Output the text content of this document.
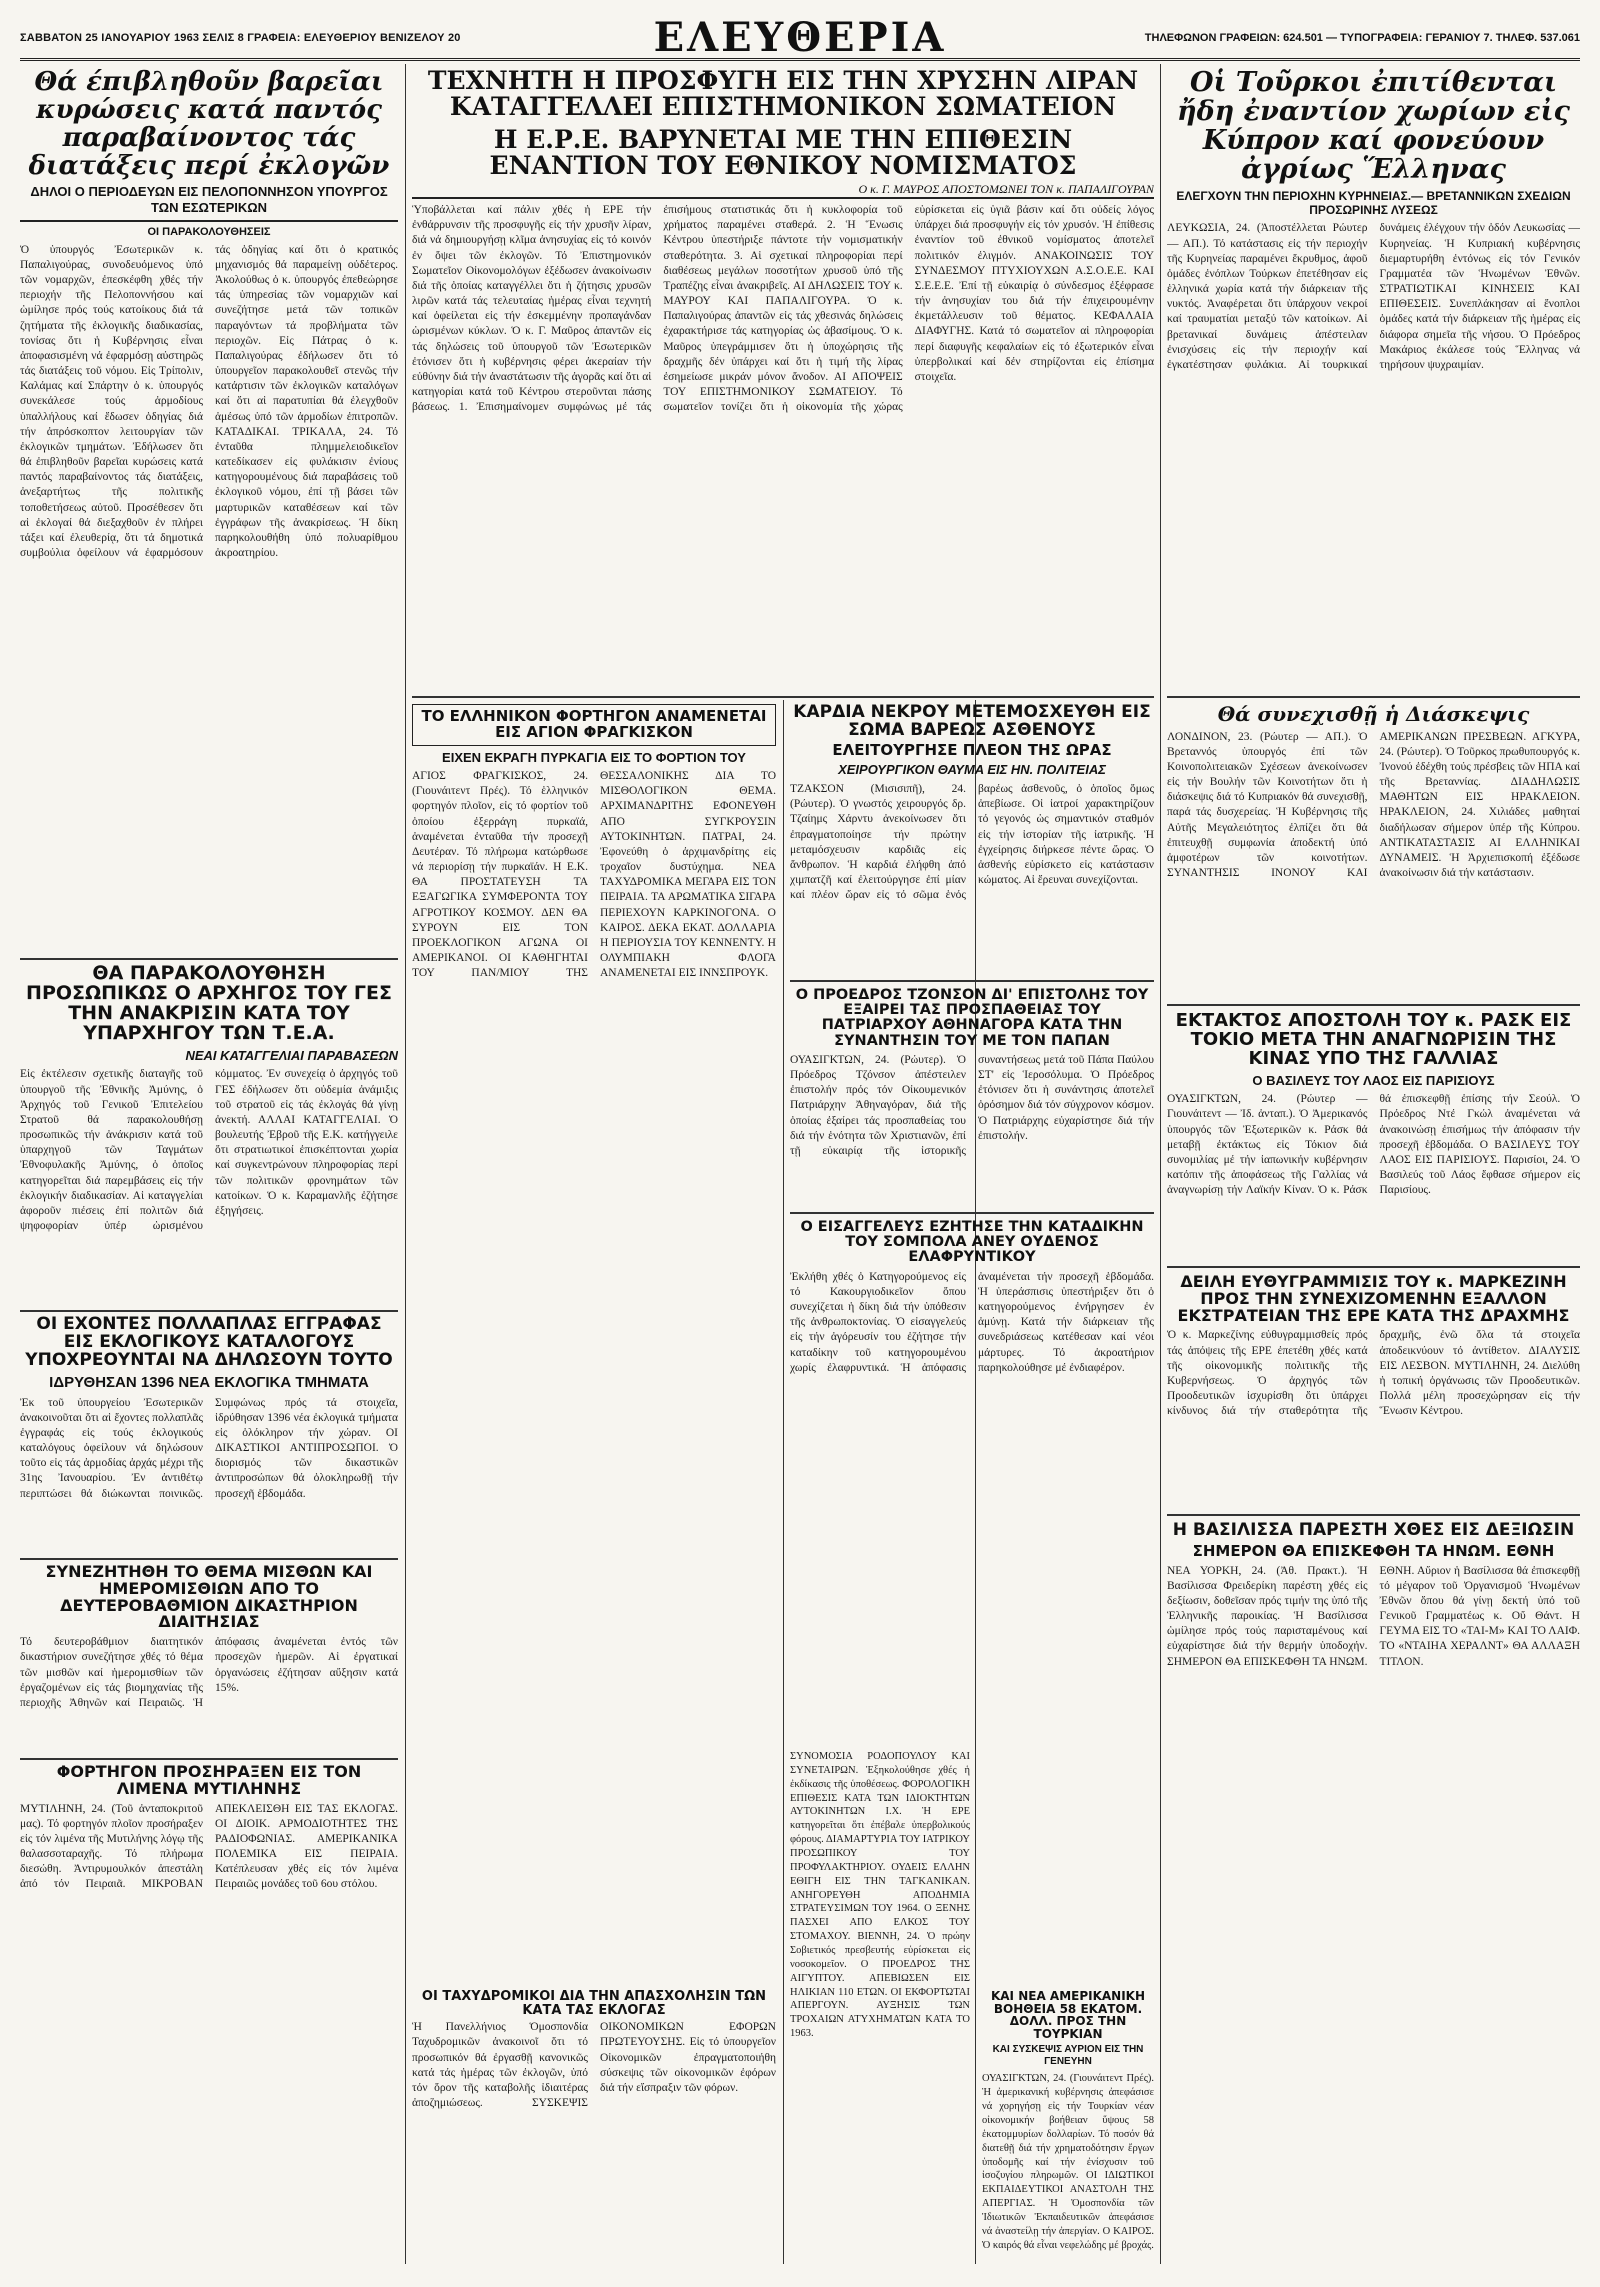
ΣΑΒΒΑΤΟΝ 25 ΙΑΝΟΥΑΡΙΟΥ 1963 ΣΕΛΙΣ 8 ΓΡΑΦΕΙΑ: ΕΛΕΥΘΕΡΙΟΥ ΒΕΝΙΖΕΛΟΥ 20	ΕΛΕΥΘΕΡΙΑ	ΤΗΛΕΦΩΝΟΝ ΓΡΑΦΕΙΩΝ: 624.501 — ΤΥΠΟΓΡΑΦΕΙΑ: ΓΕΡΑΝΙΟΥ 7. ΤΗΛΕΦ. 537.061
Θά έπιβληθοῦν βαρεῖαι κυρώσεις κατά παντός παραβαίνοντος τάς διατάξεις περί ἐκλογῶν
ΔΗΛΟΙ Ο ΠΕΡΙΟΔΕΥΩΝ ΕΙΣ ΠΕΛΟΠΟΝΝΗΣΟΝ ΥΠΟΥΡΓΟΣ ΤΩΝ ΕΣΩΤΕΡΙΚΩΝ
ΟΙ ΠΑΡΑΚΟΛΟΥΘΗΣΕΙΣ

Ὁ ὑπουργός Ἐσωτερικῶν κ. Παπαλιγούρας, συνοδευόμενος ὑπό τῶν νομαρχῶν, ἐπεσκέφθη χθές τήν περιοχήν τῆς Πελοποννήσου καί ὡμίλησε πρός τούς κατοίκους διά τά ζητήματα τῆς ἐκλογικῆς διαδικασίας, τονίσας ὅτι ἡ Κυβέρνησις εἶναι ἀποφασισμένη νά ἐφαρμόσῃ αὐστηρῶς τάς διατάξεις τοῦ νόμου. Εἰς Τρίπολιν, Καλάμας καί Σπάρτην ὁ κ. ὑπουργός συνεκάλεσε τούς ἀρμοδίους ὑπαλλήλους καί ἔδωσεν ὁδηγίας διά τήν ἀπρόσκοπτον λειτουργίαν τῶν ἐκλογικῶν τμημάτων. Ἐδήλωσεν ὅτι θά ἐπιβληθοῦν βαρεῖαι κυρώσεις κατά παντός παραβαίνοντος τάς διατάξεις, ἀνεξαρτήτως τῆς πολιτικῆς τοποθετήσεως αὐτοῦ. Προσέθεσεν ὅτι αἱ ἐκλογαί θά διεξαχθοῦν ἐν πλήρει τάξει καί ἐλευθερίᾳ, ὅτι τά δημοτικά συμβούλια ὀφείλουν νά ἐφαρμόσουν τάς ὁδηγίας καί ὅτι ὁ κρατικός μηχανισμός θά παραμείνῃ οὐδέτερος. Ἀκολούθως ὁ κ. ὑπουργός ἐπεθεώρησε τάς ὑπηρεσίας τῶν νομαρχιῶν καί συνεζήτησε μετά τῶν τοπικῶν παραγόντων τά προβλήματα τῶν περιοχῶν. Εἰς Πάτρας ὁ κ. Παπαλιγούρας ἐδήλωσεν ὅτι τό ὑπουργεῖον παρακολουθεῖ στενῶς τήν κατάρτισιν τῶν ἐκλογικῶν καταλόγων καί ὅτι αἱ παρατυπίαι θά ἐλεγχθοῦν ἀμέσως ὑπό τῶν ἀρμοδίων ἐπιτροπῶν. ΚΑΤΑΔΙΚΑΙ. ΤΡΙΚΑΛΑ, 24. Τό ἐνταῦθα πλημμελειοδικεῖον κατεδίκασεν εἰς φυλάκισιν ἐνίους κατηγορουμένους διά παραβάσεις τοῦ ἐκλογικοῦ νόμου, ἐπί τῇ βάσει τῶν μαρτυρικῶν καταθέσεων καί τῶν ἐγγράφων τῆς ἀνακρίσεως. Ἡ δίκη παρηκολουθήθη ὑπό πολυαρίθμου ἀκροατηρίου.

ΘΑ ΠΑΡΑΚΟΛΟΥΘΗΣΗ ΠΡΟΣΩΠΙΚΩΣ Ο ΑΡΧΗΓΟΣ ΤΟΥ ΓΕΣ ΤΗΝ ΑΝΑΚΡΙΣΙΝ ΚΑΤΑ ΤΟΥ ΥΠΑΡΧΗΓΟΥ ΤΩΝ Τ.Ε.Α.
ΝΕΑΙ ΚΑΤΑΓΓΕΛΙΑΙ ΠΑΡΑΒΑΣΕΩΝ

Εἰς ἐκτέλεσιν σχετικῆς διαταγῆς τοῦ ὑπουργοῦ τῆς Ἐθνικῆς Ἀμύνης, ὁ Ἀρχηγός τοῦ Γενικοῦ Ἐπιτελείου Στρατοῦ θά παρακολουθήσῃ προσωπικῶς τήν ἀνάκρισιν κατά τοῦ ὑπαρχηγοῦ τῶν Ταγμάτων Ἐθνοφυλακῆς Ἀμύνης, ὁ ὁποῖος κατηγορεῖται διά παρεμβάσεις εἰς τήν ἐκλογικήν διαδικασίαν. Αἱ καταγγελίαι ἀφοροῦν πιέσεις ἐπί πολιτῶν διά ψηφοφορίαν ὑπέρ ὡρισμένου κόμματος. Ἐν συνεχείᾳ ὁ ἀρχηγός τοῦ ΓΕΣ ἐδήλωσεν ὅτι οὐδεμία ἀνάμιξις τοῦ στρατοῦ εἰς τάς ἐκλογάς θά γίνῃ ἀνεκτή. ΑΛΛΑΙ ΚΑΤΑΓΓΕΛΙΑΙ. Ὁ βουλευτής Ἐβροῦ τῆς Ε.Κ. κατήγγειλε ὅτι στρατιωτικοί ἐπισκέπτονται χωρία καί συγκεντρώνουν πληροφορίας περί τῶν πολιτικῶν φρονημάτων τῶν κατοίκων. Ὁ κ. Καραμανλῆς ἐζήτησε ἐξηγήσεις.

ΟΙ ΕΧΟΝΤΕΣ ΠΟΛΛΑΠΛΑΣ ΕΓΓΡΑΦΑΣ ΕΙΣ ΕΚΛΟΓΙΚΟΥΣ ΚΑΤΑΛΟΓΟΥΣ ΥΠΟΧΡΕΟΥΝΤΑΙ ΝΑ ΔΗΛΩΣΟΥΝ ΤΟΥΤΟ
ΙΔΡΥΘΗΣΑΝ 1396 ΝΕΑ ΕΚΛΟΓΙΚΑ ΤΜΗΜΑΤΑ

Ἐκ τοῦ ὑπουργείου Ἐσωτερικῶν ἀνακοινοῦται ὅτι αἱ ἔχοντες πολλαπλᾶς ἐγγραφάς εἰς τούς ἐκλογικούς καταλόγους ὀφείλουν νά δηλώσουν τοῦτο εἰς τάς ἁρμοδίας ἀρχάς μέχρι τῆς 31ης Ἰανουαρίου. Ἐν ἀντιθέτῳ περιπτώσει θά διώκωνται ποινικῶς. Συμφώνως πρός τά στοιχεῖα, ἱδρύθησαν 1396 νέα ἐκλογικά τμήματα εἰς ὁλόκληρον τήν χώραν. ΟΙ ΔΙΚΑΣΤΙΚΟΙ ΑΝΤΙΠΡΟΣΩΠΟΙ. Ὁ διορισμός τῶν δικαστικῶν ἀντιπροσώπων θά ὁλοκληρωθῇ τήν προσεχῆ ἑβδομάδα.

ΣΥΝΕΖΗΤΗΘΗ ΤΟ ΘΕΜΑ ΜΙΣΘΩΝ ΚΑΙ ΗΜΕΡΟΜΙΣΘΙΩΝ ΑΠΟ ΤΟ ΔΕΥΤΕΡΟΒΑΘΜΙΟΝ ΔΙΚΑΣΤΗΡΙΟΝ ΔΙΑΙΤΗΣΙΑΣ

Τό δευτεροβάθμιον διαιτητικόν δικαστήριον συνεζήτησε χθές τό θέμα τῶν μισθῶν καί ἡμερομισθίων τῶν ἐργαζομένων εἰς τάς βιομηχανίας τῆς περιοχῆς Ἀθηνῶν καί Πειραιῶς. Ἡ ἀπόφασις ἀναμένεται ἐντός τῶν προσεχῶν ἡμερῶν. Αἱ ἐργατικαί ὀργανώσεις ἐζήτησαν αὔξησιν κατά 15%.

ΦΟΡΤΗΓΟΝ ΠΡΟΣΗΡΑΞΕΝ ΕΙΣ ΤΟΝ ΛΙΜΕΝΑ ΜΥΤΙΛΗΝΗΣ

ΜΥΤΙΛΗΝΗ, 24. (Τοῦ ἀνταποκριτοῦ μας). Τό φορτηγόν πλοῖον προσήραξεν εἰς τόν λιμένα τῆς Μυτιλήνης λόγῳ τῆς θαλασσοταραχῆς. Τό πλήρωμα διεσώθη. Ἀντιρυμουλκόν ἀπεστάλη ἀπό τόν Πειραιᾶ. ΜΙΚΡΟΒΑΝ ΑΠΕΚΛΕΙΣΘΗ ΕΙΣ ΤΑΣ ΕΚΛΟΓΑΣ. ΟΙ ΔΙΟΙΚ. ΑΡΜΟΔΙΟΤΗΤΕΣ ΤΗΣ ΡΑΔΙΟΦΩΝΙΑΣ. ΑΜΕΡΙΚΑΝΙΚΑ ΠΟΛΕΜΙΚΑ ΕΙΣ ΠΕΙΡΑΙΑ. Κατέπλευσαν χθές εἰς τόν λιμένα Πειραιῶς μονάδες τοῦ 6ου στόλου.

ΤΕΧΝΗΤΗ Η ΠΡΟΣΦΥΓΗ ΕΙΣ ΤΗΝ ΧΡΥΣΗΝ ΛΙΡΑΝ ΚΑΤΑΓΓΕΛΛΕΙ ΕΠΙΣΤΗΜΟΝΙΚΟΝ ΣΩΜΑΤΕΙΟΝ
Η Ε.Ρ.Ε. ΒΑΡΥΝΕΤΑΙ ΜΕ ΤΗΝ ΕΠΙΘΕΣΙΝ ΕΝΑΝΤΙΟΝ ΤΟΥ ΕΘΝΙΚΟΥ ΝΟΜΙΣΜΑΤΟΣ
Ο κ. Γ. ΜΑΥΡΟΣ ΑΠΟΣΤΟΜΩΝΕΙ ΤΟΝ κ. ΠΑΠΑΛΙΓΟΥΡΑΝ

Ὑποβάλλεται καί πάλιν χθές ἡ ΕΡΕ τήν ἐνθάρρυνσιν τῆς προσφυγῆς εἰς τήν χρυσῆν λίραν, διά νά δημιουργήσῃ κλῖμα ἀνησυχίας εἰς τό κοινόν ἐν ὄψει τῶν ἐκλογῶν. Τό Ἐπιστημονικόν Σωματεῖον Οἰκονομολόγων ἐξέδωσεν ἀνακοίνωσιν διά τῆς ὁποίας καταγγέλλει ὅτι ἡ ζήτησις χρυσῶν λιρῶν κατά τάς τελευταίας ἡμέρας εἶναι τεχνητή καί ὀφείλεται εἰς τήν ἐσκεμμένην προπαγάνδαν ὡρισμένων κύκλων. Ὁ κ. Γ. Μαῦρος ἀπαντῶν εἰς τάς δηλώσεις τοῦ ὑπουργοῦ τῶν Ἐσωτερικῶν ἐτόνισεν ὅτι ἡ κυβέρνησις φέρει ἀκεραίαν τήν εὐθύνην διά τήν ἀναστάτωσιν τῆς ἀγορᾶς καί ὅτι αἱ κατηγορίαι κατά τοῦ Κέντρου στεροῦνται πάσης βάσεως. 1. Ἐπισημαίνομεν συμφώνως μέ τάς ἐπισήμους στατιστικάς ὅτι ἡ κυκλοφορία τοῦ χρήματος παραμένει σταθερά. 2. Ἡ Ἕνωσις Κέντρου ὑπεστήριξε πάντοτε τήν νομισματικήν σταθερότητα. 3. Αἱ σχετικαί πληροφορίαι περί διαθέσεως μεγάλων ποσοτήτων χρυσοῦ ὑπό τῆς Τραπέζης εἶναι ἀνακριβεῖς. ΑΙ ΔΗΛΩΣΕΙΣ ΤΟΥ κ. ΜΑΥΡΟΥ ΚΑΙ ΠΑΠΑΛΙΓΟΥΡΑ. Ὁ κ. Παπαλιγούρας ἀπαντῶν εἰς τάς χθεσινάς δηλώσεις ἐχαρακτήρισε τάς κατηγορίας ὡς ἀβασίμους. Ὁ κ. Μαῦρος ὑπεγράμμισεν ὅτι ἡ ὑποχώρησις τῆς δραχμῆς δέν ὑπάρχει καί ὅτι ἡ τιμή τῆς λίρας ἐσημείωσε μικράν μόνον ἄνοδον. ΑΙ ΑΠΟΨΕΙΣ ΤΟΥ ΕΠΙΣΤΗΜΟΝΙΚΟΥ ΣΩΜΑΤΕΙΟΥ. Τό σωματεῖον τονίζει ὅτι ἡ οἰκονομία τῆς χώρας εὑρίσκεται εἰς ὑγιᾶ βάσιν καί ὅτι οὐδείς λόγος ὑπάρχει διά προσφυγήν εἰς τόν χρυσόν. Ἡ ἐπίθεσις ἐναντίον τοῦ ἐθνικοῦ νομίσματος ἀποτελεῖ πολιτικόν ἐλιγμόν. ΑΝΑΚΟΙΝΩΣΙΣ ΤΟΥ ΣΥΝΔΕΣΜΟΥ ΠΤΥΧΙΟΥΧΩΝ Α.Σ.Ο.Ε.Ε. ΚΑΙ Σ.Ε.Ε.Ε. Ἐπί τῇ εὐκαιρίᾳ ὁ σύνδεσμος ἐξέφρασε τήν ἀνησυχίαν του διά τήν ἐπιχειρουμένην ἐκμετάλλευσιν τοῦ θέματος. ΚΕΦΑΛΑΙΑ ΔΙΑΦΥΓΗΣ. Κατά τό σωματεῖον αἱ πληροφορίαι περί διαφυγῆς κεφαλαίων εἰς τό ἐξωτερικόν εἶναι ὑπερβολικαί καί δέν στηρίζονται εἰς ἐπίσημα στοιχεῖα.

ΤΟ ΕΛΛΗΝΙΚΟΝ ΦΟΡΤΗΓΟΝ ΑΝΑΜΕΝΕΤΑΙ ΕΙΣ ΑΓΙΟΝ ΦΡΑΓΚΙΣΚΟΝ
ΕΙΧΕΝ ΕΚΡΑΓΗ ΠΥΡΚΑΓΙΑ ΕΙΣ ΤΟ ΦΟΡΤΙΟΝ ΤΟΥ

ΑΓΙΟΣ ΦΡΑΓΚΙΣΚΟΣ, 24. (Γιουνάιτεντ Πρές). Τό ἑλληνικόν φορτηγόν πλοῖον, εἰς τό φορτίον τοῦ ὁποίου ἐξερράγη πυρκαϊά, ἀναμένεται ἐνταῦθα τήν προσεχῆ Δευτέραν. Τό πλήρωμα κατώρθωσε νά περιορίσῃ τήν πυρκαϊάν. Η Ε.Κ. ΘΑ ΠΡΟΣΤΑΤΕΥΣΗ ΤΑ ΕΞΑΓΩΓΙΚΑ ΣΥΜΦΕΡΟΝΤΑ ΤΟΥ ΑΓΡΟΤΙΚΟΥ ΚΟΣΜΟΥ. ΔΕΝ ΘΑ ΣΥΡΟΥΝ ΕΙΣ ΤΟΝ ΠΡΟΕΚΛΟΓΙΚΟΝ ΑΓΩΝΑ ΟΙ ΑΜΕΡΙΚΑΝΟΙ. ΟΙ ΚΑΘΗΓΗΤΑΙ ΤΟΥ ΠΑΝ/ΜΙΟΥ ΤΗΣ ΘΕΣΣΑΛΟΝΙΚΗΣ ΔΙΑ ΤΟ ΜΙΣΘΟΛΟΓΙΚΟΝ ΘΕΜΑ. ΑΡΧΙΜΑΝΔΡΙΤΗΣ ΕΦΟΝΕΥΘΗ ΑΠΟ ΣΥΓΚΡΟΥΣΙΝ ΑΥΤΟΚΙΝΗΤΩΝ. ΠΑΤΡΑΙ, 24. Ἐφονεύθη ὁ ἀρχιμανδρίτης εἰς τροχαῖον δυστύχημα. ΝΕΑ ΤΑΧΥΔΡΟΜΙΚΑ ΜΕΓΑΡΑ ΕΙΣ ΤΟΝ ΠΕΙΡΑΙΑ. ΤΑ ΑΡΩΜΑΤΙΚΑ ΣΙΓΑΡΑ ΠΕΡΙΕΧΟΥΝ ΚΑΡΚΙΝΟΓΟΝΑ. Ο ΚΑΙΡΟΣ. ΔΕΚΑ ΕΚΑΤ. ΔΟΛΛΑΡΙΑ Η ΠΕΡΙΟΥΣΙΑ ΤΟΥ ΚΕΝΝΕΝΤΥ. Η ΟΛΥΜΠΙΑΚΗ ΦΛΟΓΑ ΑΝΑΜΕΝΕΤΑΙ ΕΙΣ ΙΝΝΣΠΡΟΥΚ.

ΚΑΡΔΙΑ ΝΕΚΡΟΥ ΜΕΤΕΜΟΣΧΕΥΘΗ ΕΙΣ ΣΩΜΑ ΒΑΡΕΩΣ ΑΣΘΕΝΟΥΣ
ΕΛΕΙΤΟΥΡΓΗΣΕ ΠΛΕΟΝ ΤΗΣ ΩΡΑΣ
ΧΕΙΡΟΥΡΓΙΚΟΝ ΘΑΥΜΑ ΕΙΣ ΗΝ. ΠΟΛΙΤΕΙΑΣ

ΤΖΑΚΣΟΝ (Μισισιπῆ), 24. (Ρώυτερ). Ὁ γνωστός χειρουργός δρ. Τζαίημς Χάρντυ ἀνεκοίνωσεν ὅτι ἐπραγματοποίησε τήν πρώτην μεταμόσχευσιν καρδιᾶς εἰς ἄνθρωπον. Ἡ καρδιά ἐλήφθη ἀπό χιμπατζῆ καί ἐλειτούργησε ἐπί μίαν καί πλέον ὥραν εἰς τό σῶμα ἑνός βαρέως ἀσθενοῦς, ὁ ὁποῖος ὅμως ἀπεβίωσε. Οἱ ἰατροί χαρακτηρίζουν τό γεγονός ὡς σημαντικόν σταθμόν εἰς τήν ἱστορίαν τῆς ἰατρικῆς. Ἡ ἐγχείρησις διήρκεσε πέντε ὥρας. Ὁ ἀσθενής εὑρίσκετο εἰς κατάστασιν κώματος. Αἱ ἔρευναι συνεχίζονται.

Ο ΠΡΟΕΔΡΟΣ ΤΖΟΝΣΟΝ ΔΙ' ΕΠΙΣΤΟΛΗΣ ΤΟΥ ΕΞΑΙΡΕΙ ΤΑΣ ΠΡΟΣΠΑΘΕΙΑΣ ΤΟΥ ΠΑΤΡΙΑΡΧΟΥ ΑΘΗΝΑΓΟΡΑ ΚΑΤΑ ΤΗΝ ΣΥΝΑΝΤΗΣΙΝ ΤΟΥ ΜΕ ΤΟΝ ΠΑΠΑΝ

ΟΥΑΣΙΓΚΤΩΝ, 24. (Ρώυτερ). Ὁ Πρόεδρος Τζόνσον ἀπέστειλεν ἐπιστολήν πρός τόν Οἰκουμενικόν Πατριάρχην Ἀθηναγόραν, διά τῆς ὁποίας ἐξαίρει τάς προσπαθείας του διά τήν ἑνότητα τῶν Χριστιανῶν, ἐπί τῇ εὐκαιρίᾳ τῆς ἱστορικῆς συναντήσεως μετά τοῦ Πάπα Παύλου ΣΤ' εἰς Ἱεροσόλυμα. Ὁ Πρόεδρος ἐτόνισεν ὅτι ἡ συνάντησις ἀποτελεῖ ὁρόσημον διά τόν σύγχρονον κόσμον. Ὁ Πατριάρχης εὐχαρίστησε διά τήν ἐπιστολήν.

Ο ΕΙΣΑΓΓΕΛΕΥΣ ΕΖΗΤΗΣΕ ΤΗΝ ΚΑΤΑΔΙΚΗΝ ΤΟΥ ΣΟΜΠΟΛΑ ΑΝΕΥ ΟΥΔΕΝΟΣ ΕΛΑΦΡΥΝΤΙΚΟΥ

Ἐκλήθη χθές ὁ Κατηγορούμενος εἰς τό Κακουργιοδικεῖον ὅπου συνεχίζεται ἡ δίκη διά τήν ὑπόθεσιν τῆς ἀνθρωποκτονίας. Ὁ εἰσαγγελεύς εἰς τήν ἀγόρευσίν του ἐζήτησε τήν καταδίκην τοῦ κατηγορουμένου χωρίς ἐλαφρυντικά. Ἡ ἀπόφασις ἀναμένεται τήν προσεχῆ ἑβδομάδα. Ἡ ὑπεράσπισις ὑπεστήριξεν ὅτι ὁ κατηγορούμενος ἐνήργησεν ἐν ἀμύνῃ. Κατά τήν διάρκειαν τῆς συνεδριάσεως κατέθεσαν καί νέοι μάρτυρες. Τό ἀκροατήριον παρηκολούθησε μέ ἐνδιαφέρον.

Οἱ Τοῦρκοι ἐπιτίθενται ἤδη ἐναντίον χωρίων εἰς Κύπρον καί φονεύουν ἀγρίως Ἕλληνας
ΕΛΕΓΧΟΥΝ ΤΗΝ ΠΕΡΙΟΧΗΝ ΚΥΡΗΝΕΙΑΣ.— ΒΡΕΤΑΝΝΙΚΩΝ ΣΧΕΔΙΩΝ ΠΡΟΣΩΡΙΝΗΣ ΛΥΣΕΩΣ

ΛΕΥΚΩΣΙΑ, 24. (Ἀποστέλλεται Ρώυτερ — ΑΠ.). Τό κατάστασις εἰς τήν περιοχήν τῆς Κυρηνείας παραμένει ἔκρυθμος, ἀφοῦ ὁμάδες ἐνόπλων Τούρκων ἐπετέθησαν εἰς ἑλληνικά χωρία κατά τήν διάρκειαν τῆς νυκτός. Ἀναφέρεται ὅτι ὑπάρχουν νεκροί καί τραυματίαι μεταξύ τῶν κατοίκων. Αἱ βρετανικαί δυνάμεις ἀπέστειλαν ἐνισχύσεις εἰς τήν περιοχήν καί ἐγκατέστησαν φυλάκια. Αἱ τουρκικαί δυνάμεις ἐλέγχουν τήν ὁδόν Λευκωσίας — Κυρηνείας. Ἡ Κυπριακή κυβέρνησις διεμαρτυρήθη ἐντόνως εἰς τόν Γενικόν Γραμματέα τῶν Ἡνωμένων Ἐθνῶν. ΣΤΡΑΤΙΩΤΙΚΑΙ ΚΙΝΗΣΕΙΣ ΚΑΙ ΕΠΙΘΕΣΕΙΣ. Συνεπλάκησαν αἱ ἔνοπλοι ὁμάδες κατά τήν διάρκειαν τῆς ἡμέρας εἰς διάφορα σημεῖα τῆς νήσου. Ὁ Πρόεδρος Μακάριος ἐκάλεσε τούς Ἕλληνας νά τηρήσουν ψυχραιμίαν.

Θά συνεχισθῇ ἡ Διάσκεψις

ΛΟΝΔΙΝΟΝ, 23. (Ρώυτερ — ΑΠ.). Ὁ Βρεταννός ὑπουργός ἐπί τῶν Κοινοπολιτειακῶν Σχέσεων ἀνεκοίνωσεν εἰς τήν Βουλήν τῶν Κοινοτήτων ὅτι ἡ διάσκεψις διά τό Κυπριακόν θά συνεχισθῇ, παρά τάς δυσχερείας. Ἡ Κυβέρνησις τῆς Αὐτῆς Μεγαλειότητος ἐλπίζει ὅτι θά ἐπιτευχθῇ συμφωνία ἀποδεκτή ὑπό ἀμφοτέρων τῶν κοινοτήτων. ΣΥΝΑΝΤΗΣΙΣ ΙΝΟΝΟΥ ΚΑΙ ΑΜΕΡΙΚΑΝΩΝ ΠΡΕΣΒΕΩΝ. ΑΓΚΥΡΑ, 24. (Ρώυτερ). Ὁ Τοῦρκος πρωθυπουργός κ. Ἰνονού ἐδέχθη τούς πρέσβεις τῶν ΗΠΑ καί τῆς Βρεταννίας. ΔΙΑΔΗΛΩΣΙΣ ΜΑΘΗΤΩΝ ΕΙΣ ΗΡΑΚΛΕΙΟΝ. ΗΡΑΚΛΕΙΟΝ, 24. Χιλιάδες μαθηταί διαδήλωσαν σήμερον ὑπέρ τῆς Κύπρου. ΑΝΤΙΚΑΤΑΣΤΑΣΙΣ ΑΙ ΕΛΛΗΝΙΚΑΙ ΔΥΝΑΜΕΙΣ. Ἡ Ἀρχιεπισκοπή ἐξέδωσε ἀνακοίνωσιν διά τήν κατάστασιν.

ΕΚΤΑΚΤΟΣ ΑΠΟΣΤΟΛΗ ΤΟΥ κ. ΡΑΣΚ ΕΙΣ ΤΟΚΙΟ ΜΕΤΑ ΤΗΝ ΑΝΑΓΝΩΡΙΣΙΝ ΤΗΣ ΚΙΝΑΣ ΥΠΟ ΤΗΣ ΓΑΛΛΙΑΣ
Ο ΒΑΣΙΛΕΥΣ ΤΟΥ ΛΑΟΣ ΕΙΣ ΠΑΡΙΣΙΟΥΣ

ΟΥΑΣΙΓΚΤΩΝ, 24. (Ρώυτερ — Γιουνάιτεντ — Ἰδ. ἀνταπ.). Ὁ Ἀμερικανός ὑπουργός τῶν Ἐξωτερικῶν κ. Ράσκ θά μεταβῇ ἐκτάκτως εἰς Τόκιον διά συνομιλίας μέ τήν ἰαπωνικήν κυβέρνησιν κατόπιν τῆς ἀποφάσεως τῆς Γαλλίας νά ἀναγνωρίσῃ τήν Λαϊκήν Κίναν. Ὁ κ. Ράσκ θά ἐπισκεφθῇ ἐπίσης τήν Σεούλ. Ὁ Πρόεδρος Ντέ Γκώλ ἀναμένεται νά ἀνακοινώσῃ ἐπισήμως τήν ἀπόφασιν τήν προσεχῆ ἑβδομάδα. Ο ΒΑΣΙΛΕΥΣ ΤΟΥ ΛΑΟΣ ΕΙΣ ΠΑΡΙΣΙΟΥΣ. Παρισίοι, 24. Ὁ Βασιλεύς τοῦ Λάος ἔφθασε σήμερον εἰς Παρισίους.

ΔΕΙΛΗ ΕΥΘΥΓΡΑΜΜΙΣΙΣ ΤΟΥ κ. ΜΑΡΚΕΖΙΝΗ ΠΡΟΣ ΤΗΝ ΣΥΝΕΧΙΖΟΜΕΝΗΝ ΕΞΑΛΛΟΝ ΕΚΣΤΡΑΤΕΙΑΝ ΤΗΣ ΕΡΕ ΚΑΤΑ ΤΗΣ ΔΡΑΧΜΗΣ

Ὁ κ. Μαρκεζίνης εὐθυγραμμισθείς πρός τάς ἀπόψεις τῆς ΕΡΕ ἐπετέθη χθές κατά τῆς οἰκονομικῆς πολιτικῆς τῆς Κυβερνήσεως. Ὁ ἀρχηγός τῶν Προοδευτικῶν ἰσχυρίσθη ὅτι ὑπάρχει κίνδυνος διά τήν σταθερότητα τῆς δραχμῆς, ἐνῶ ὅλα τά στοιχεῖα ἀποδεικνύουν τό ἀντίθετον. ΔΙΑΛΥΣΙΣ ΕΙΣ ΛΕΣΒΟΝ. ΜΥΤΙΛΗΝΗ, 24. Διελύθη ἡ τοπική ὀργάνωσις τῶν Προοδευτικῶν. Πολλά μέλη προσεχώρησαν εἰς τήν Ἕνωσιν Κέντρου.

Η ΒΑΣΙΛΙΣΣΑ ΠΑΡΕΣΤΗ ΧΘΕΣ ΕΙΣ ΔΕΞΙΩΣΙΝ
ΣΗΜΕΡΟΝ ΘΑ ΕΠΙΣΚΕΦΘΗ ΤΑ ΗΝΩΜ. ΕΘΝΗ

ΝΕΑ ΥΟΡΚΗ, 24. (Ἀθ. Πρακτ.). Ἡ Βασίλισσα Φρειδερίκη παρέστη χθές εἰς δεξίωσιν, δοθεῖσαν πρός τιμήν της ὑπό τῆς Ἑλληνικῆς παροικίας. Ἡ Βασίλισσα ὡμίλησε πρός τούς παρισταμένους καί εὐχαρίστησε διά τήν θερμήν ὑποδοχήν. ΣΗΜΕΡΟΝ ΘΑ ΕΠΙΣΚΕΦΘΗ ΤΑ ΗΝΩΜ. ΕΘΝΗ. Αὔριον ἡ Βασίλισσα θά ἐπισκεφθῇ τό μέγαρον τοῦ Ὀργανισμοῦ Ἡνωμένων Ἐθνῶν ὅπου θά γίνῃ δεκτή ὑπό τοῦ Γενικοῦ Γραμματέως κ. Οὔ Θάντ. Η ΓΕΥΜΑ ΕΙΣ ΤΟ «ΤΑΙ-Μ» ΚΑΙ ΤΟ ΛΑΙΦ. ΤΟ «ΝΤΑΙΗΑ ΧΕΡΑΛΝΤ» ΘΑ ΑΛΛΑΞΗ ΤΙΤΛΟΝ.

ΚΑΙ ΝΕΑ ΑΜΕΡΙΚΑΝΙΚΗ ΒΟΗΘΕΙΑ 58 ΕΚΑΤΟΜ. ΔΟΛΛ. ΠΡΟΣ ΤΗΝ ΤΟΥΡΚΙΑΝ
ΚΑΙ ΣΥΣΚΕΨΙΣ ΑΥΡΙΟΝ ΕΙΣ ΤΗΝ ΓΕΝΕΥΗΝ

ΟΥΑΣΙΓΚΤΩΝ, 24. (Γιουνάιτεντ Πρές). Ἡ ἀμερικανική κυβέρνησις ἀπεφάσισε νά χορηγήσῃ εἰς τήν Τουρκίαν νέαν οἰκονομικήν βοήθειαν ὕψους 58 ἑκατομμυρίων δολλαρίων. Τό ποσόν θά διατεθῇ διά τήν χρηματοδότησιν ἔργων ὑποδομῆς καί τήν ἐνίσχυσιν τοῦ ἰσοζυγίου πληρωμῶν. ΟΙ ΙΔΙΩΤΙΚΟΙ ΕΚΠΑΙΔΕΥΤΙΚΟΙ ΑΝΑΣΤΟΛΗ ΤΗΣ ΑΠΕΡΓΙΑΣ. Ἡ Ὁμοσπονδία τῶν Ἰδιωτικῶν Ἐκπαιδευτικῶν ἀπεφάσισε νά ἀναστείλῃ τήν ἀπεργίαν. Ο ΚΑΙΡΟΣ. Ὁ καιρός θά εἶναι νεφελώδης μέ βροχάς.

ΣΥΝΟΜΟΣΙΑ ΡΟΔΟΠΟΥΛΟΥ ΚΑΙ ΣΥΝΕΤΑΙΡΩΝ. Ἐξηκολούθησε χθές ἡ ἐκδίκασις τῆς ὑποθέσεως. ΦΟΡΟΛΟΓΙΚΗ ΕΠΙΘΕΣΙΣ ΚΑΤΑ ΤΩΝ ΙΔΙΟΚΤΗΤΩΝ ΑΥΤΟΚΙΝΗΤΩΝ Ι.Χ. Ἡ ΕΡΕ κατηγορεῖται ὅτι ἐπέβαλε ὑπερβολικούς φόρους. ΔΙΑΜΑΡΤΥΡΙΑ ΤΟΥ ΙΑΤΡΙΚΟΥ ΠΡΟΣΩΠΙΚΟΥ ΤΟΥ ΠΡΟΦΥΛΑΚΤΗΡΙΟΥ. ΟΥΔΕΙΣ ΕΛΛΗΝ ΕΘΙΓΗ ΕΙΣ ΤΗΝ ΤΑΓΚΑΝΙΚΑΝ. ΑΝΗΓΟΡΕΥΘΗ ΑΠΟΔΗΜΙΑ ΣΤΡΑΤΕΥΣΙΜΩΝ ΤΟΥ 1964. Ο ΞΕΝΗΣ ΠΑΣΧΕΙ ΑΠΟ ΕΛΚΟΣ ΤΟΥ ΣΤΟΜΑΧΟΥ. ΒΙΕΝΝΗ, 24. Ὁ πρώην Σοβιετικός πρεσβευτής εὑρίσκεται εἰς νοσοκομεῖον. Ο ΠΡΟΕΔΡΟΣ ΤΗΣ ΑΙΓΥΠΤΟΥ. ΑΠΕΒΙΩΣΕΝ ΕΙΣ ΗΛΙΚΙΑΝ 110 ΕΤΩΝ. ΟΙ ΕΚΦΟΡΤΩΤΑΙ ΑΠΕΡΓΟΥΝ. ΑΥΞΗΣΙΣ ΤΩΝ ΤΡΟΧΑΙΩΝ ΑΤΥΧΗΜΑΤΩΝ ΚΑΤΑ ΤΟ 1963.

ΟΙ ΤΑΧΥΔΡΟΜΙΚΟΙ ΔΙΑ ΤΗΝ ΑΠΑΣΧΟΛΗΣΙΝ ΤΩΝ ΚΑΤΑ ΤΑΣ ΕΚΛΟΓΑΣ

Ἡ Πανελλήνιος Ὁμοσπονδία Ταχυδρομικῶν ἀνακοινοῖ ὅτι τό προσωπικόν θά ἐργασθῇ κανονικῶς κατά τάς ἡμέρας τῶν ἐκλογῶν, ὑπό τόν ὅρον τῆς καταβολῆς ἰδιαιτέρας ἀποζημιώσεως. ΣΥΣΚΕΨΙΣ ΟΙΚΟΝΟΜΙΚΩΝ ΕΦΟΡΩΝ ΠΡΩΤΕΥΟΥΣΗΣ. Εἰς τό ὑπουργεῖον Οἰκονομικῶν ἐπραγματοποιήθη σύσκεψις τῶν οἰκονομικῶν ἐφόρων διά τήν εἴσπραξιν τῶν φόρων.
